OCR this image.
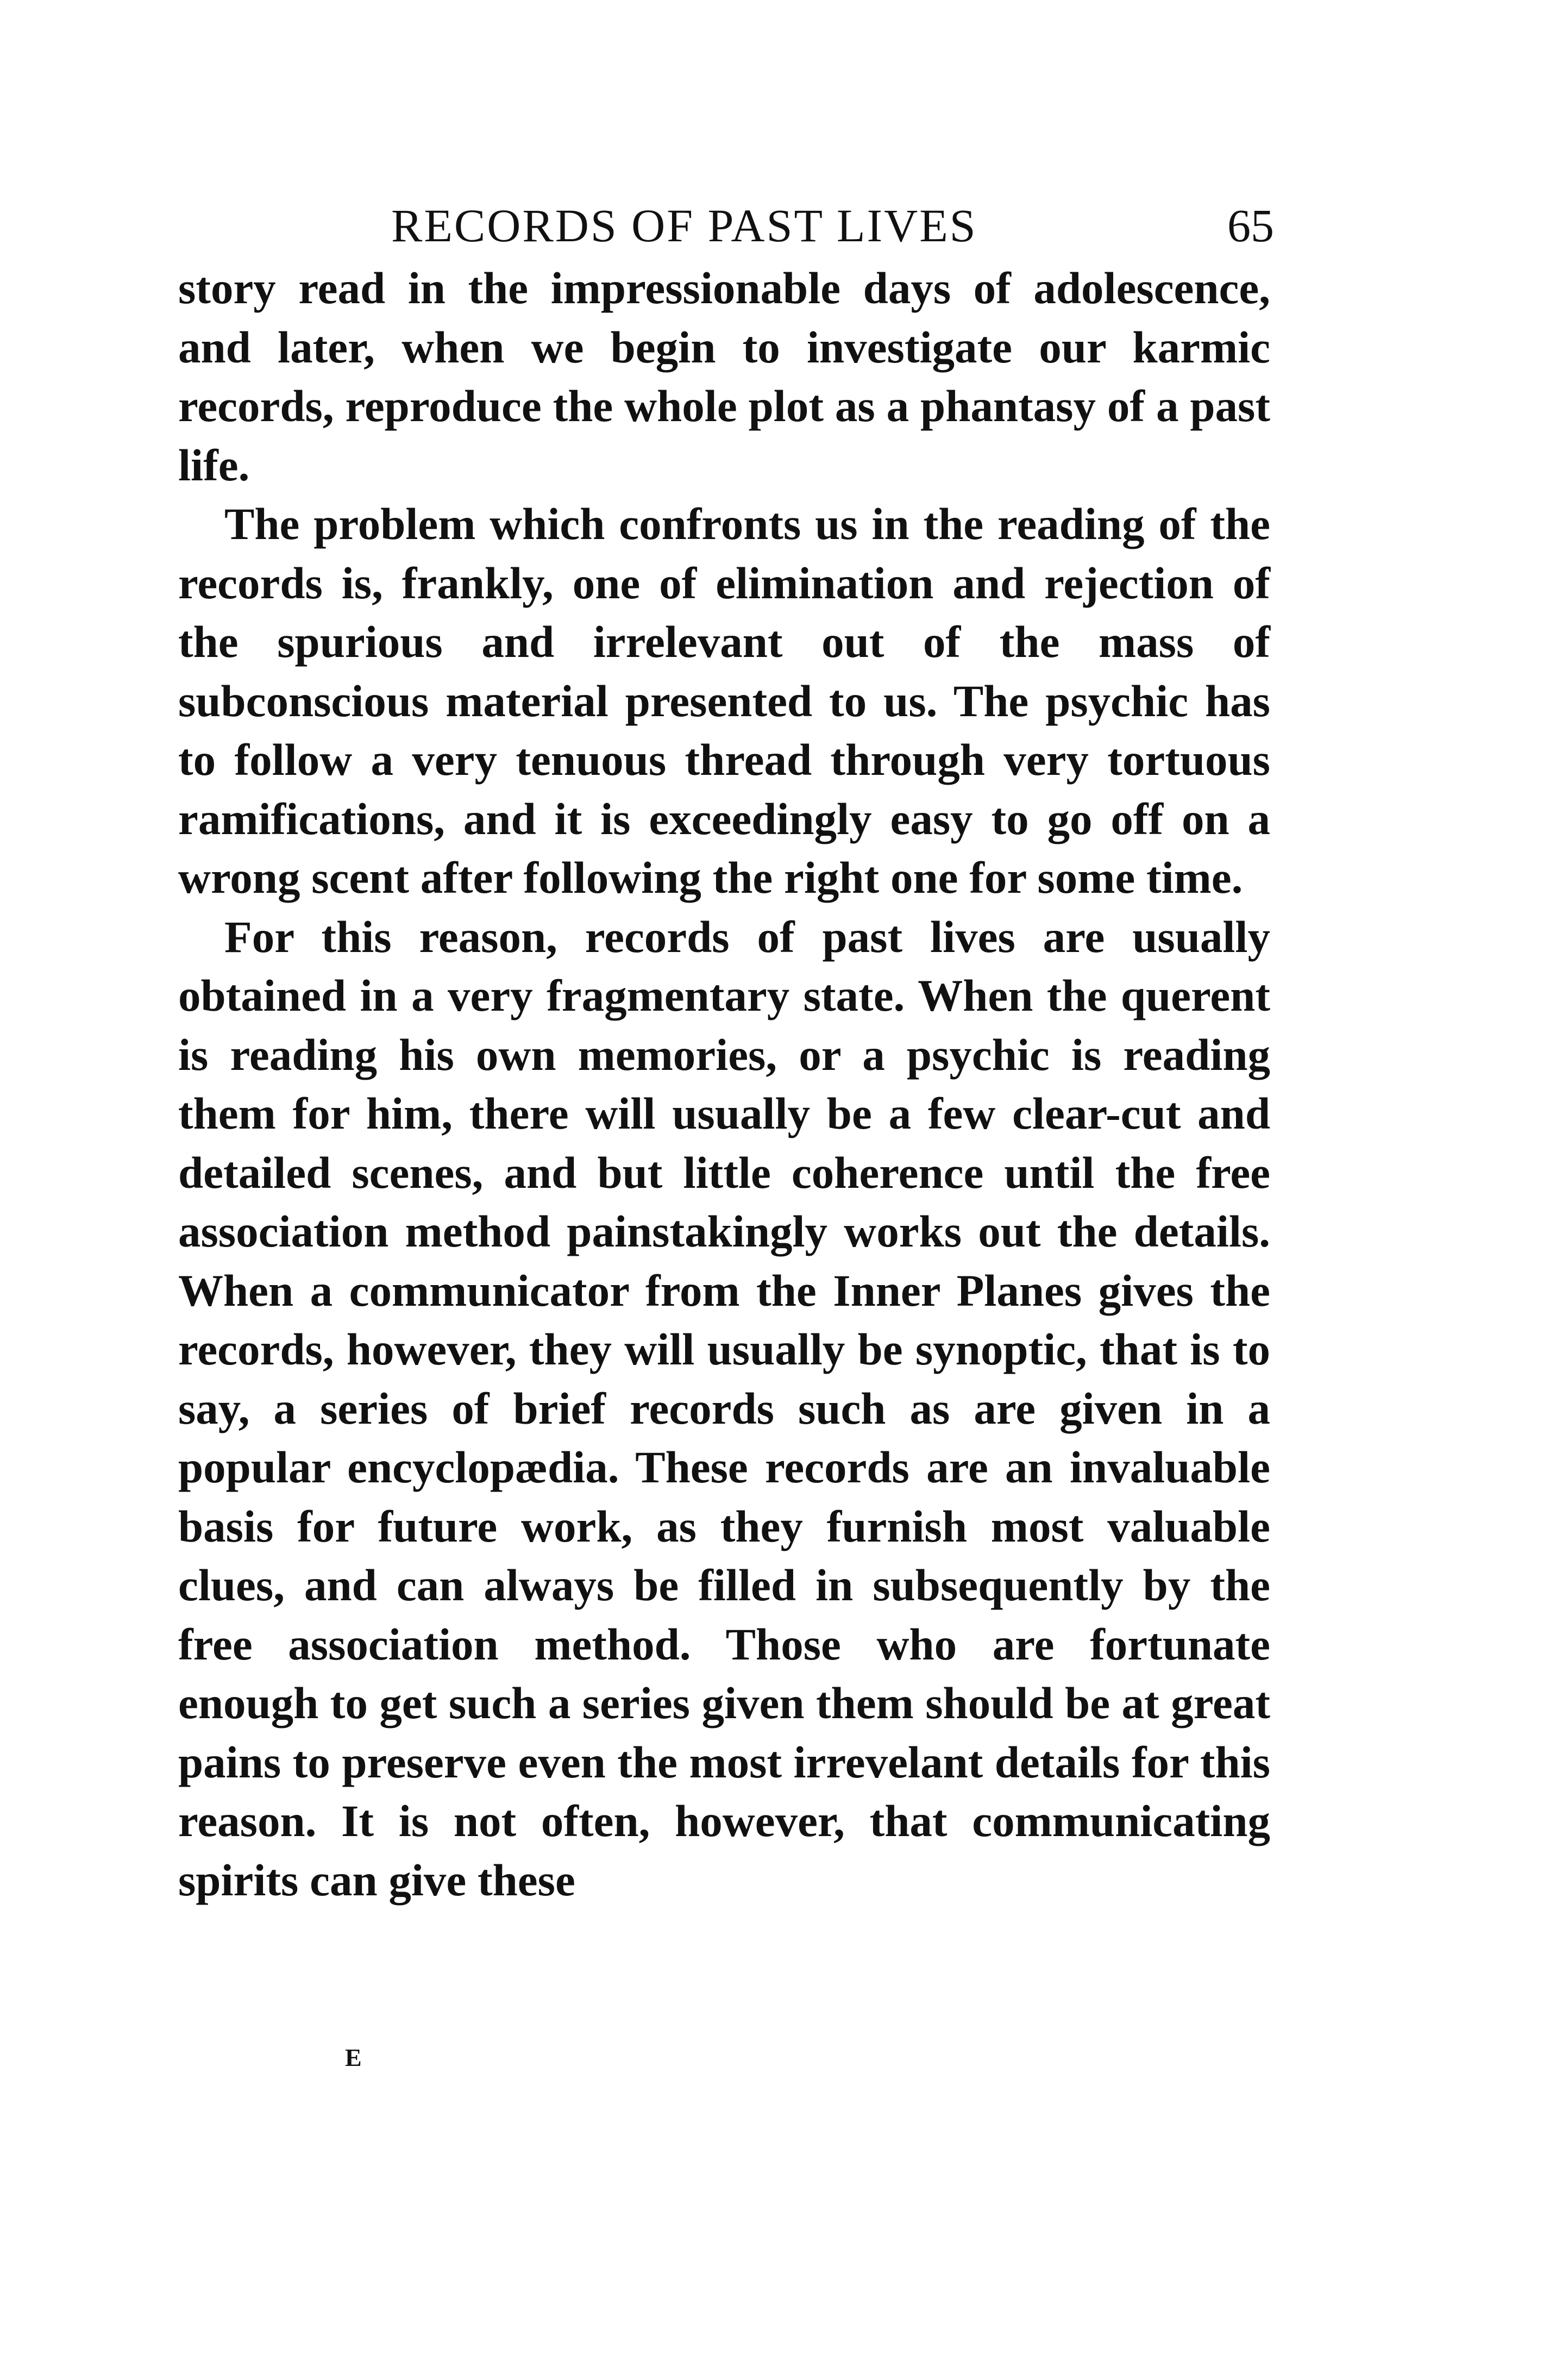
RECORDS OF PAST LIVES	65

story read in the impressionable days of adolescence, and later, when we begin to investigate our karmic records, reproduce the whole plot as a phantasy of a past life.

The problem which confronts us in the reading of the records is, frankly, one of elimination and rejection of the spurious and irrelevant out of the mass of subconscious material presented to us. The psychic has to follow a very tenuous thread through very tortuous ramifications, and it is exceedingly easy to go off on a wrong scent after following the right one for some time.

For this reason, records of past lives are usually obtained in a very fragmentary state. When the querent is reading his own memories, or a psychic is reading them for him, there will usually be a few clear-cut and detailed scenes, and but little coherence until the free association method painstakingly works out the details. When a communicator from the Inner Planes gives the records, however, they will usually be synoptic, that is to say, a series of brief records such as are given in a popular encyclopædia. These records are an invaluable basis for future work, as they furnish most valuable clues, and can always be filled in subsequently by the free association method. Those who are fortunate enough to get such a series given them should be at great pains to preserve even the most irrevelant details for this reason. It is not often, however, that communicating spirits can give these

E
